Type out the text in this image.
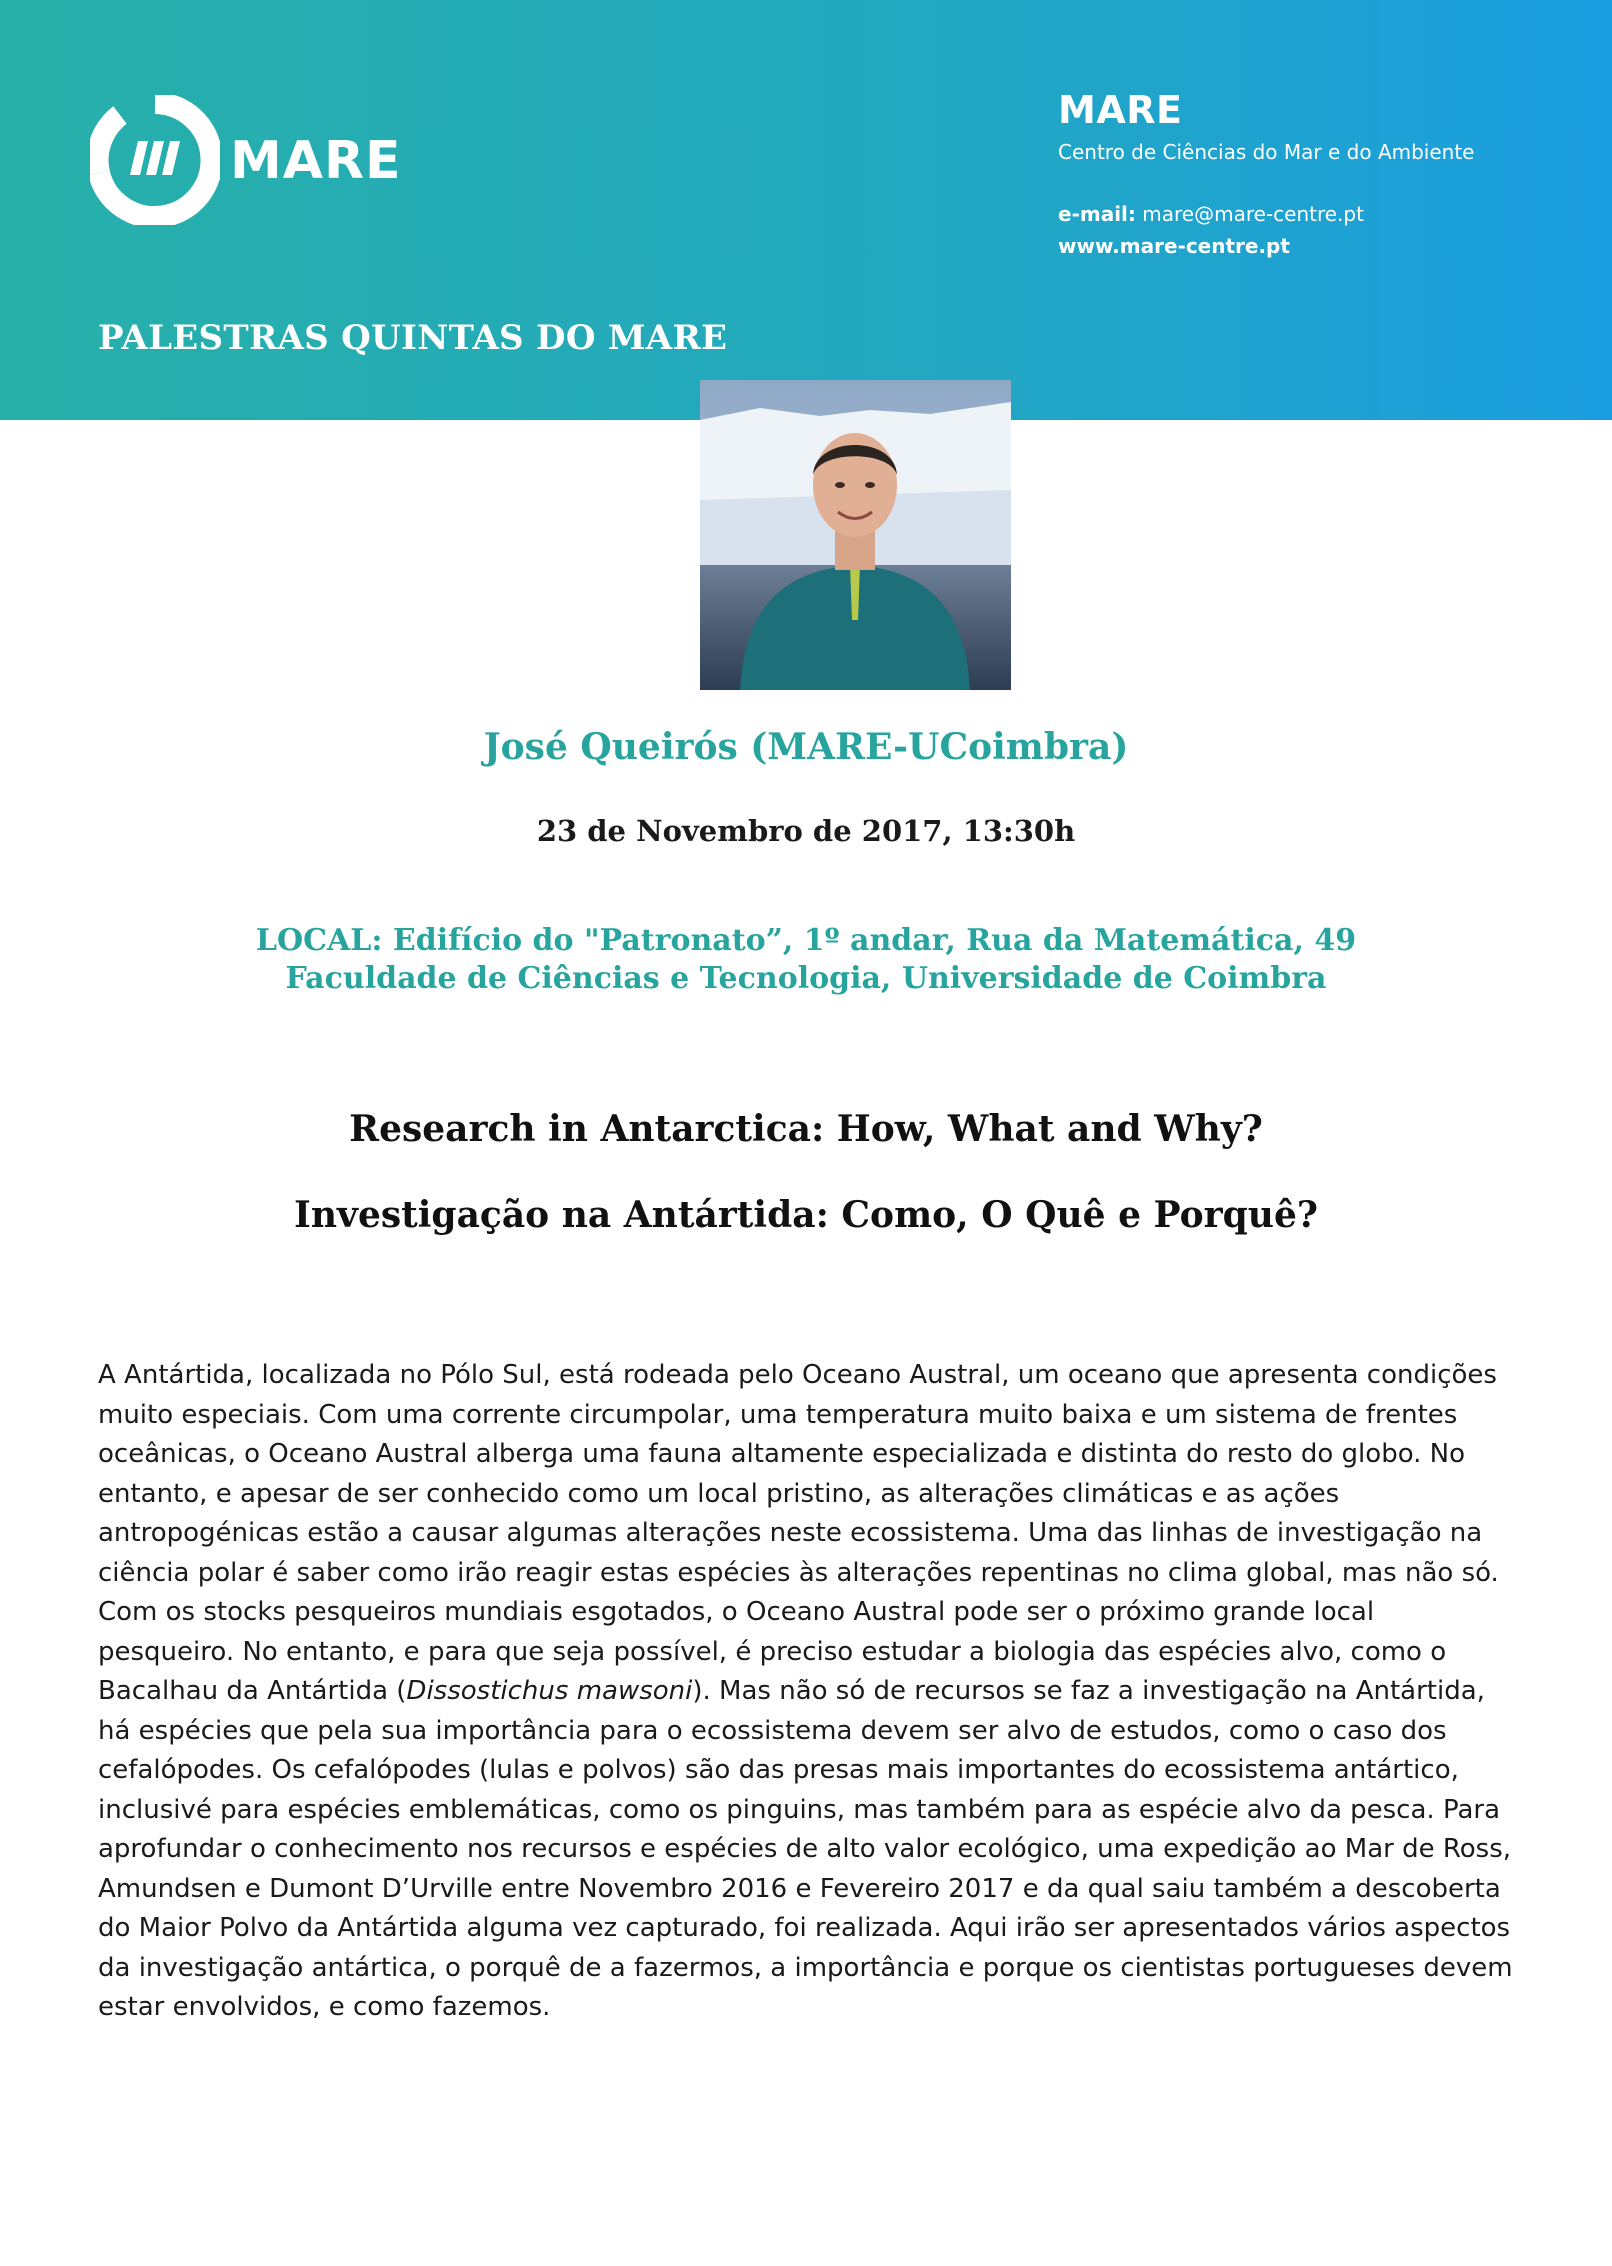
MARE
MARE
Centro de Ciências do Mar e do Ambiente
e-mail: mare@mare-centre.pt
www.mare-centre.pt
PALESTRAS QUINTAS DO MARE
José Queirós (MARE-UCoimbra)
23 de Novembro de 2017, 13:30h
LOCAL: Edifício do "Patronato”, 1º andar, Rua da Matemática, 49
Faculdade de Ciências e Tecnologia, Universidade de Coimbra
Research in Antarctica: How, What and Why?
Investigação na Antártida: Como, O Quê e Porquê?

A Antártida, localizada no Pólo Sul, está rodeada pelo Oceano Austral, um oceano que apresenta condições muito especiais. Com uma corrente circumpolar, uma temperatura muito baixa e um sistema de frentes oceânicas, o Oceano Austral alberga uma fauna altamente especializada e distinta do resto do globo. No entanto, e apesar de ser conhecido como um local pristino, as alterações climáticas e as ações antropogénicas estão a causar algumas alterações neste ecossistema. Uma das linhas de investigação na ciência polar é saber como irão reagir estas espécies às alterações repentinas no clima global, mas não só. Com os stocks pesqueiros mundiais esgotados, o Oceano Austral pode ser o próximo grande local pesqueiro. No entanto, e para que seja possível, é preciso estudar a biologia das espécies alvo, como o Bacalhau da Antártida (Dissostichus mawsoni). Mas não só de recursos se faz a investigação na Antártida, há espécies que pela sua importância para o ecossistema devem ser alvo de estudos, como o caso dos cefalópodes. Os cefalópodes (lulas e polvos) são das presas mais importantes do ecossistema antártico, inclusivé para espécies emblemáticas, como os pinguins, mas também para as espécie alvo da pesca. Para aprofundar o conhecimento nos recursos e espécies de alto valor ecológico, uma expedição ao Mar de Ross, Amundsen e Dumont D’Urville entre Novembro 2016 e Fevereiro 2017 e da qual saiu também a descoberta do Maior Polvo da Antártida alguma vez capturado, foi realizada. Aqui irão ser apresentados vários aspectos da investigação antártica, o porquê de a fazermos, a importância e porque os cientistas portugueses devem estar envolvidos, e como fazemos.
